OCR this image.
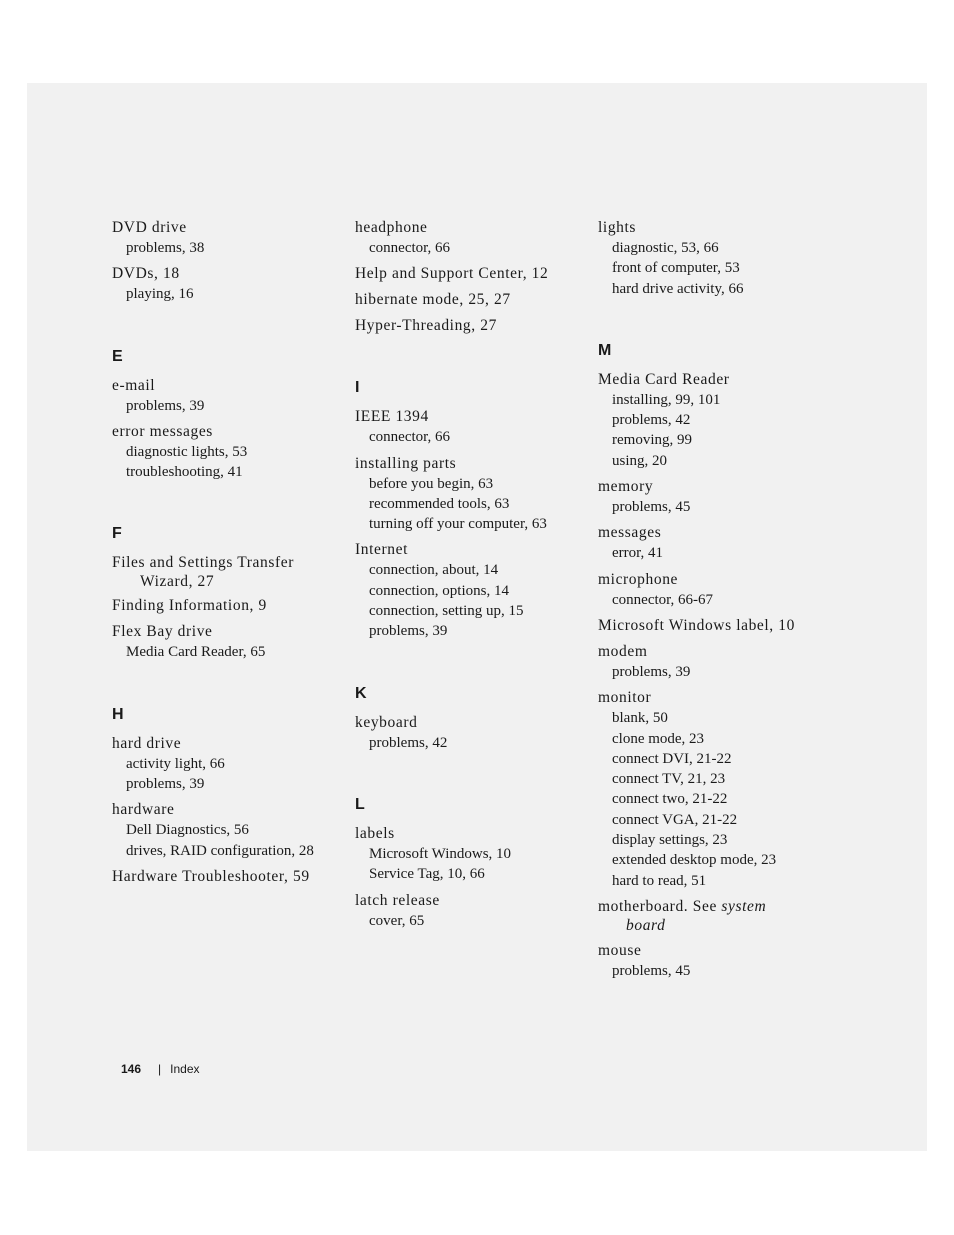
DVD drive
problems, 38
DVDs, 18
playing, 16
E
e-mail
problems, 39
error messages
diagnostic lights, 53
troubleshooting, 41
F
Files and Settings Transfer
Wizard, 27
Finding Information, 9
Flex Bay drive
Media Card Reader, 65
H
hard drive
activity light, 66
problems, 39
hardware
Dell Diagnostics, 56
drives, RAID configuration, 28
Hardware Troubleshooter, 59
headphone
connector, 66
Help and Support Center, 12
hibernate mode, 25, 27
Hyper-Threading, 27
I
IEEE 1394
connector, 66
installing parts
before you begin, 63
recommended tools, 63
turning off your computer, 63
Internet
connection, about, 14
connection, options, 14
connection, setting up, 15
problems, 39
K
keyboard
problems, 42
L
labels
Microsoft Windows, 10
Service Tag, 10, 66
latch release
cover, 65
lights
diagnostic, 53, 66
front of computer, 53
hard drive activity, 66
M
Media Card Reader
installing, 99, 101
problems, 42
removing, 99
using, 20
memory
problems, 45
messages
error, 41
microphone
connector, 66-67
Microsoft Windows label, 10
modem
problems, 39
monitor
blank, 50
clone mode, 23
connect DVI, 21-22
connect TV, 21, 23
connect two, 21-22
connect VGA, 21-22
display settings, 23
extended desktop mode, 23
hard to read, 51
motherboard. See system
board
mouse
problems, 45
146 | Index
